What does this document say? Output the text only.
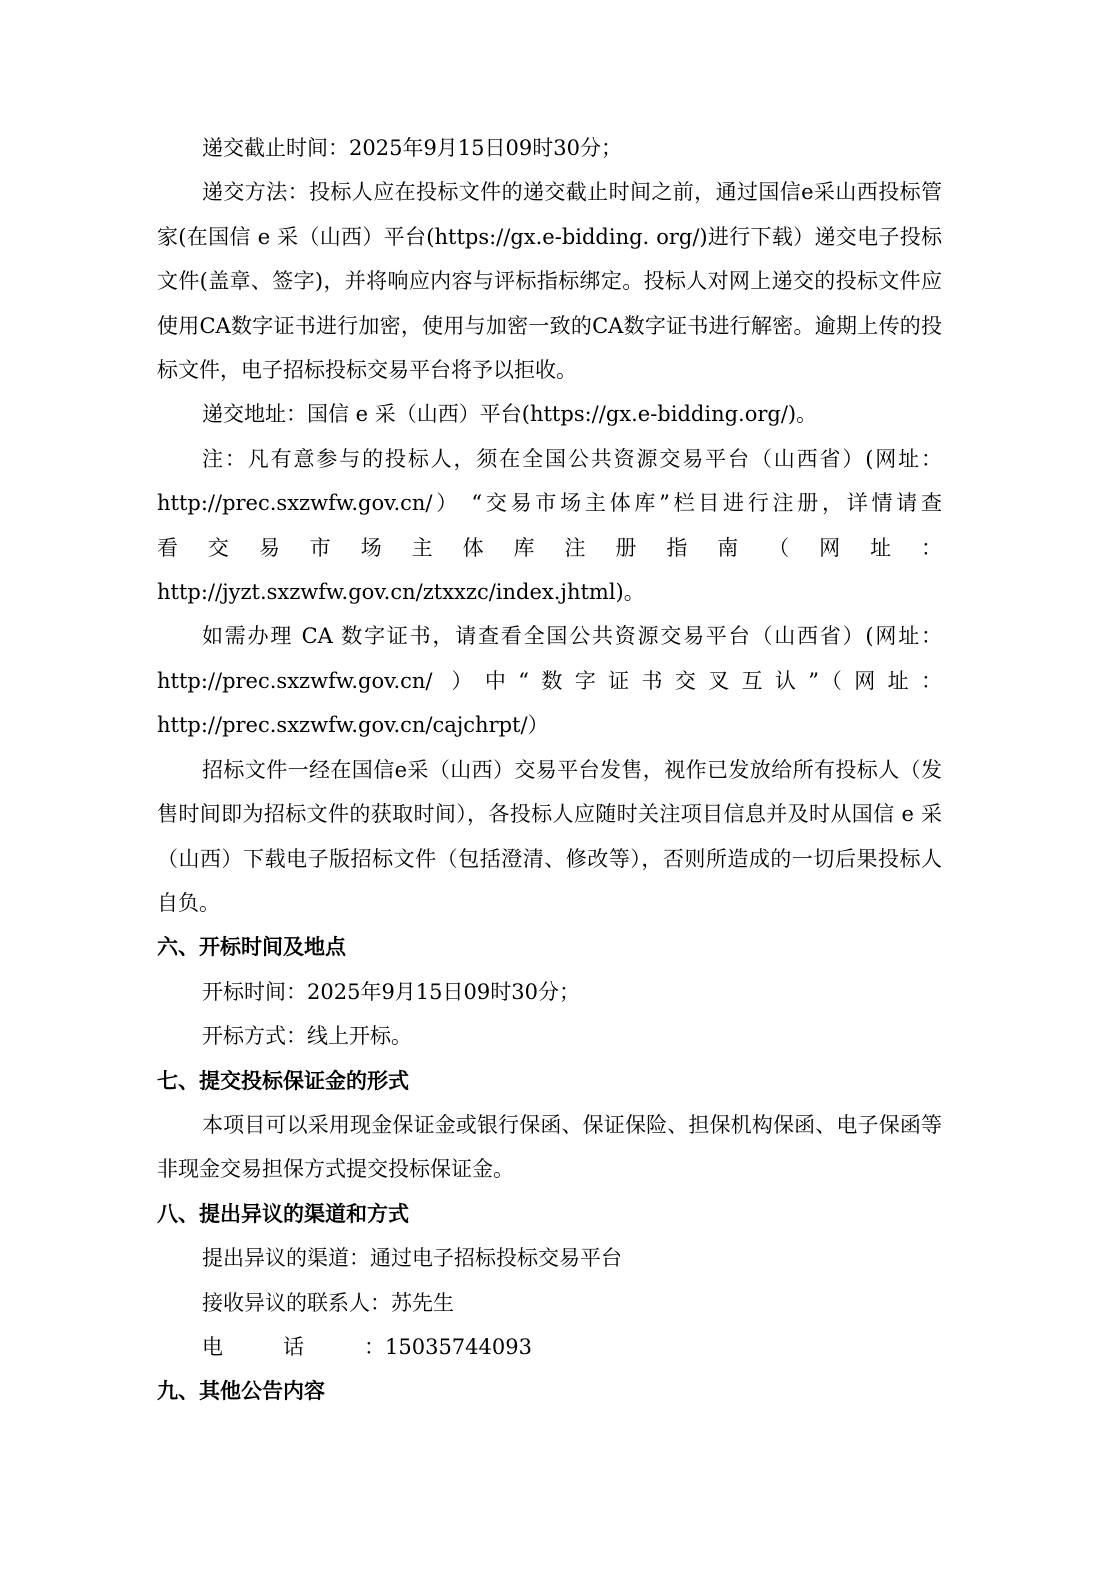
递交截止时间：2025年9月15日09时30分；

递交方法：投标人应在投标文件的递交截止时间之前，通过国信e采山西投标管家(在国信 e 采（山西）平台(https://gx.e-bidding. org/)进行下载）递交电子投标文件(盖章、签字)，并将响应内容与评标指标绑定。投标人对网上递交的投标文件应使用CA数字证书进行加密，使用与加密一致的CA数字证书进行解密。逾期上传的投标文件，电子招标投标交易平台将予以拒收。

递交地址：国信 e 采（山西）平台(https://gx.e-bidding.org/)。

注：凡有意参与的投标人，须在全国公共资源交易平台（山西省）(网址：

http://prec.sxzwfw.gov.cn/） “交易市场主体库”栏目进行注册，详情请查

看交易市场主体库注册指南（网址：

http://jyzt.sxzwfw.gov.cn/ztxxzc/index.jhtml)。

如需办理 CA 数字证书，请查看全国公共资源交易平台（山西省）(网址：

http://prec.sxzwfw.gov.cn/ ）中“数字证书交叉互认”（网址：

http://prec.sxzwfw.gov.cn/cajchrpt/）

招标文件一经在国信e采（山西）交易平台发售，视作已发放给所有投标人（发售时间即为招标文件的获取时间），各投标人应随时关注项目信息并及时从国信 e 采（山西）下载电子版招标文件（包括澄清、修改等），否则所造成的一切后果投标人自负。

六、开标时间及地点

开标时间：2025年9月15日09时30分；

开标方式：线上开标。

七、提交投标保证金的形式

本项目可以采用现金保证金或银行保函、保证保险、担保机构保函、电子保函等非现金交易担保方式提交投标保证金。

八、提出异议的渠道和方式

提出异议的渠道：通过电子招标投标交易平台

接收异议的联系人：苏先生

电话：15035744093

九、其他公告内容
